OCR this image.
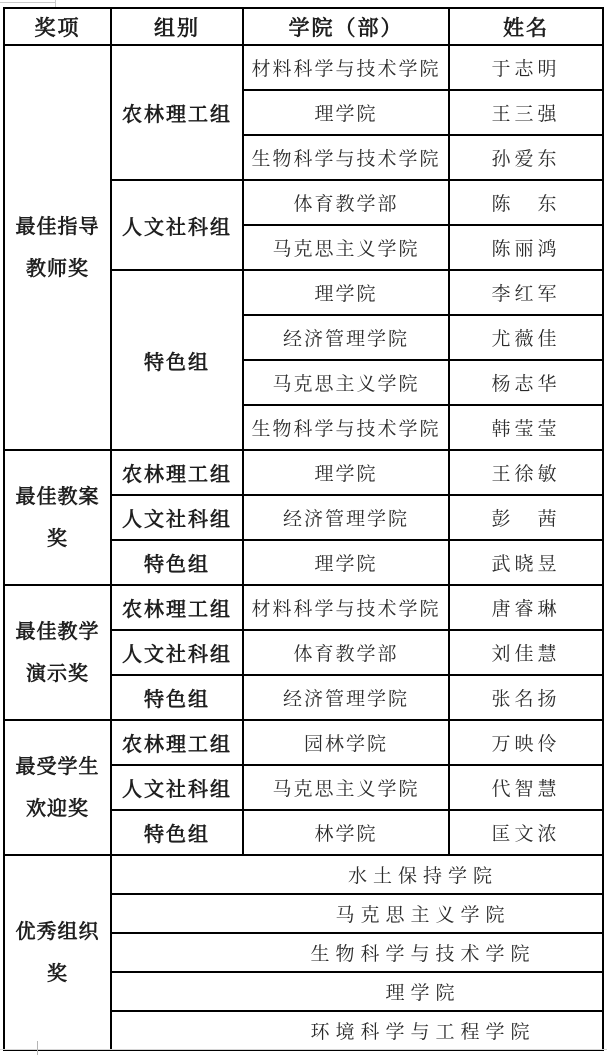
奖项	组别	学院（部）	姓名

最佳指导
教师奖	农林理工组	材料科学与技术学院	于志明
		理学院	王三强
		生物科学与技术学院	孙爱东
	人文社科组	体育教学部	陈　东
		马克思主义学院	陈丽鸿
	特色组	理学院	李红军
		经济管理学院	尤薇佳
		马克思主义学院	杨志华
		生物科学与技术学院	韩莹莹

最佳教案
奖	农林理工组	理学院	王徐敏
	人文社科组	经济管理学院	彭　茜
	特色组	理学院	武晓昱

最佳教学
演示奖	农林理工组	材料科学与技术学院	唐睿琳
	人文社科组	体育教学部	刘佳慧
	特色组	经济管理学院	张名扬

最受学生
欢迎奖	农林理工组	园林学院	万映伶
	人文社科组	马克思主义学院	代智慧
	特色组	林学院	匡文浓

优秀组织
奖	水土保持学院		
	马克思主义学院		
	生物科学与技术学院		
	理学院		
	环境科学与工程学院		
